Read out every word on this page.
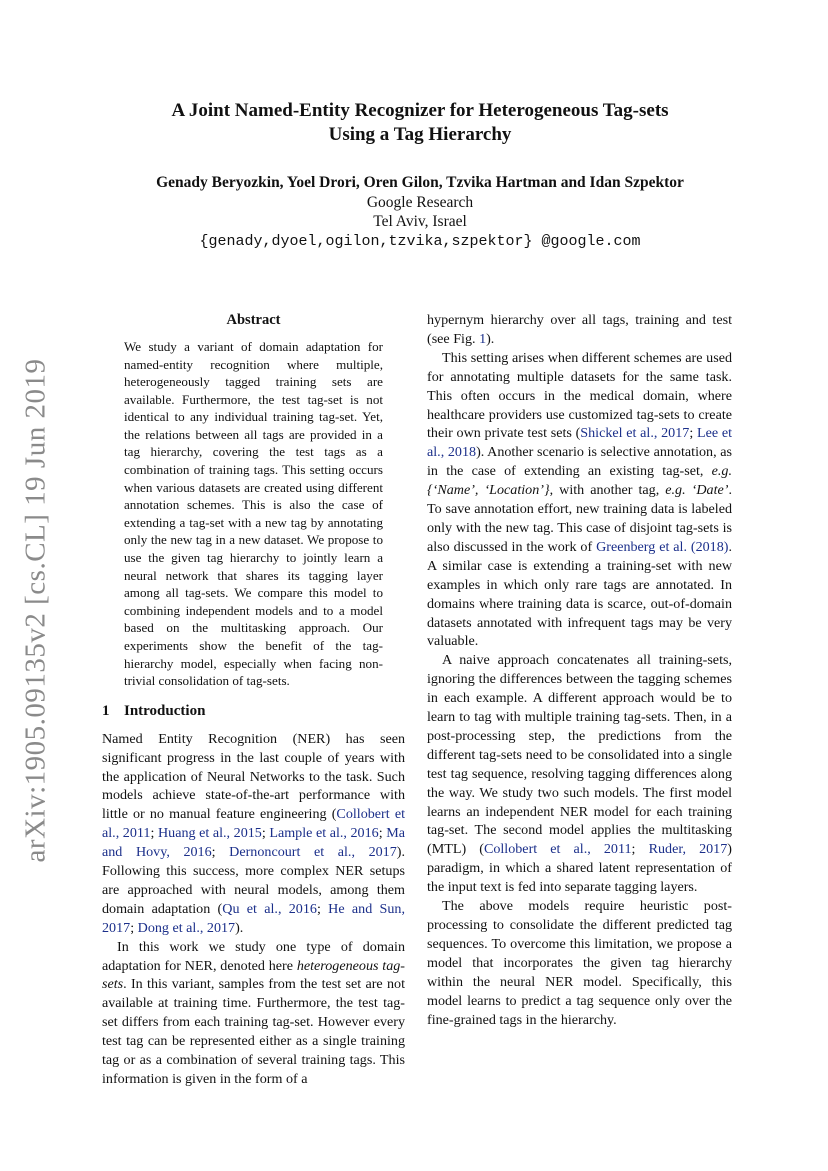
arXiv:1905.09135v2 [cs.CL] 19 Jun 2019
A Joint Named-Entity Recognizer for Heterogeneous Tag-sets
Using a Tag Hierarchy
Genady Beryozkin, Yoel Drori, Oren Gilon, Tzvika Hartman and Idan Szpektor
Google Research
Tel Aviv, Israel
{genady,dyoel,ogilon,tzvika,szpektor} @google.com
Abstract

We study a variant of domain adaptation for named-entity recognition where multiple, heterogeneously tagged training sets are available. Furthermore, the test tag-set is not identical to any individual training tag-set. Yet, the relations between all tags are provided in a tag hierarchy, covering the test tags as a combination of training tags. This setting occurs when various datasets are created using different annotation schemes. This is also the case of extending a tag-set with a new tag by annotating only the new tag in a new dataset. We propose to use the given tag hierarchy to jointly learn a neural network that shares its tagging layer among all tag-sets. We compare this model to combining independent models and to a model based on the multitasking approach. Our experiments show the benefit of the tag-hierarchy model, especially when facing non-trivial consolidation of tag-sets.

1 Introduction

Named Entity Recognition (NER) has seen significant progress in the last couple of years with the application of Neural Networks to the task. Such models achieve state-of-the-art performance with little or no manual feature engineering (Collobert et al., 2011; Huang et al., 2015; Lample et al., 2016; Ma and Hovy, 2016; Dernoncourt et al., 2017). Following this success, more complex NER setups are approached with neural models, among them domain adaptation (Qu et al., 2016; He and Sun, 2017; Dong et al., 2017).

In this work we study one type of domain adaptation for NER, denoted here heterogeneous tag-sets. In this variant, samples from the test set are not available at training time. Furthermore, the test tag-set differs from each training tag-set. However every test tag can be represented either as a single training tag or as a combination of several training tags. This information is given in the form of a

hypernym hierarchy over all tags, training and test (see Fig. 1).

This setting arises when different schemes are used for annotating multiple datasets for the same task. This often occurs in the medical domain, where healthcare providers use customized tag-sets to create their own private test sets (Shickel et al., 2017; Lee et al., 2018). Another scenario is selective annotation, as in the case of extending an existing tag-set, e.g. {‘Name’, ‘Location’}, with another tag, e.g. ‘Date’. To save annotation effort, new training data is labeled only with the new tag. This case of disjoint tag-sets is also discussed in the work of Greenberg et al. (2018). A similar case is extending a training-set with new examples in which only rare tags are annotated. In domains where training data is scarce, out-of-domain datasets annotated with infrequent tags may be very valuable.

A naive approach concatenates all training-sets, ignoring the differences between the tagging schemes in each example. A different approach would be to learn to tag with multiple training tag-sets. Then, in a post-processing step, the predictions from the different tag-sets need to be consolidated into a single test tag sequence, resolving tagging differences along the way. We study two such models. The first model learns an independent NER model for each training tag-set. The second model applies the multitasking (MTL) (Collobert et al., 2011; Ruder, 2017) paradigm, in which a shared latent representation of the input text is fed into separate tagging layers.

The above models require heuristic post-processing to consolidate the different predicted tag sequences. To overcome this limitation, we propose a model that incorporates the given tag hierarchy within the neural NER model. Specifically, this model learns to predict a tag sequence only over the fine-grained tags in the hierarchy.
